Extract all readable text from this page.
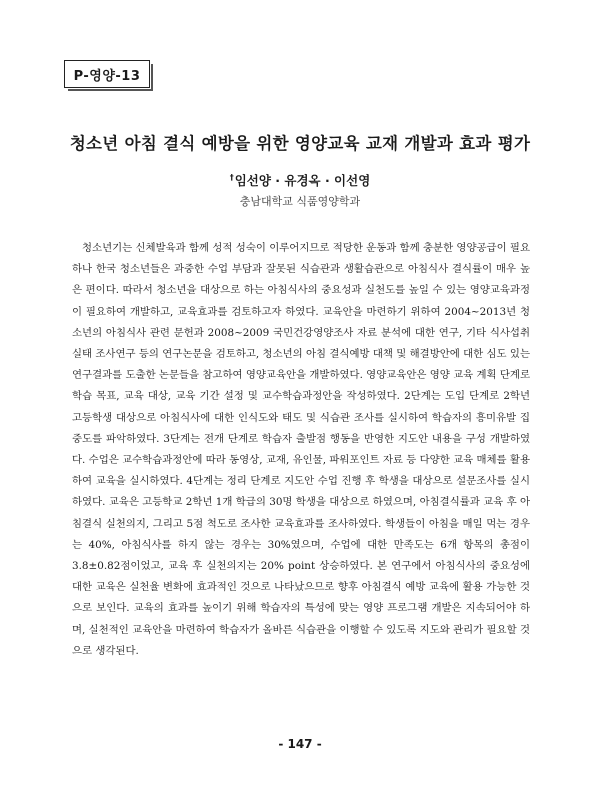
P-영양-13
청소년 아침 결식 예방을 위한 영양교육 교재 개발과 효과 평가
†임선양 · 유경옥 · 이선영
충남대학교 식품영양학과

청소년기는 신체발육과 함께 성적 성숙이 이루어지므로 적당한 운동과 함께 충분한 영양공급이 필요하나 한국 청소년들은 과중한 수업 부담과 잘못된 식습관과 생활습관으로 아침식사 결식률이 매우 높은 편이다. 따라서 청소년을 대상으로 하는 아침식사의 중요성과 실천도를 높일 수 있는 영양교육과정이 필요하여 개발하고, 교육효과를 검토하고자 하였다. 교육안을 마련하기 위하여 2004~2013년 청소년의 아침식사 관련 문헌과 2008~2009 국민건강영양조사 자료 분석에 대한 연구, 기타 식사섭취 실태 조사연구 등의 연구논문을 검토하고, 청소년의 아침 결식예방 대책 및 해결방안에 대한 심도 있는 연구결과를 도출한 논문들을 참고하여 영양교육안을 개발하였다. 영양교육안은 영양 교육 계획 단계로 학습 목표, 교육 대상, 교육 기간 설정 및 교수학습과정안을 작성하였다. 2단계는 도입 단계로 2학년 고등학생 대상으로 아침식사에 대한 인식도와 태도 및 식습관 조사를 실시하여 학습자의 흥미유발 집중도를 파악하였다. 3단계는 전개 단계로 학습자 출발점 행동을 반영한 지도안 내용을 구성 개발하였다. 수업은 교수학습과정안에 따라 동영상, 교재, 유인물, 파워포인트 자료 등 다양한 교육 매체를 활용하여 교육을 실시하였다. 4단계는 정리 단계로 지도안 수업 진행 후 학생을 대상으로 설문조사를 실시하였다. 교육은 고등학교 2학년 1개 학급의 30명 학생을 대상으로 하였으며, 아침결식률과 교육 후 아침결식 실천의지, 그리고 5점 척도로 조사한 교육효과를 조사하였다. 학생들이 아침을 매일 먹는 경우는 40%, 아침식사를 하지 않는 경우는 30%였으며, 수업에 대한 만족도는 6개 항목의 총점이 3.8±0.82점이었고, 교육 후 실천의지는 20% point 상승하였다. 본 연구에서 아침식사의 중요성에 대한 교육은 실천율 변화에 효과적인 것으로 나타났으므로 향후 아침결식 예방 교육에 활용 가능한 것으로 보인다. 교육의 효과를 높이기 위해 학습자의 특성에 맞는 영양 프로그램 개발은 지속되어야 하며, 실천적인 교육안을 마련하여 학습자가 올바른 식습관을 이행할 수 있도록 지도와 관리가 필요할 것으로 생각된다.

- 147 -
